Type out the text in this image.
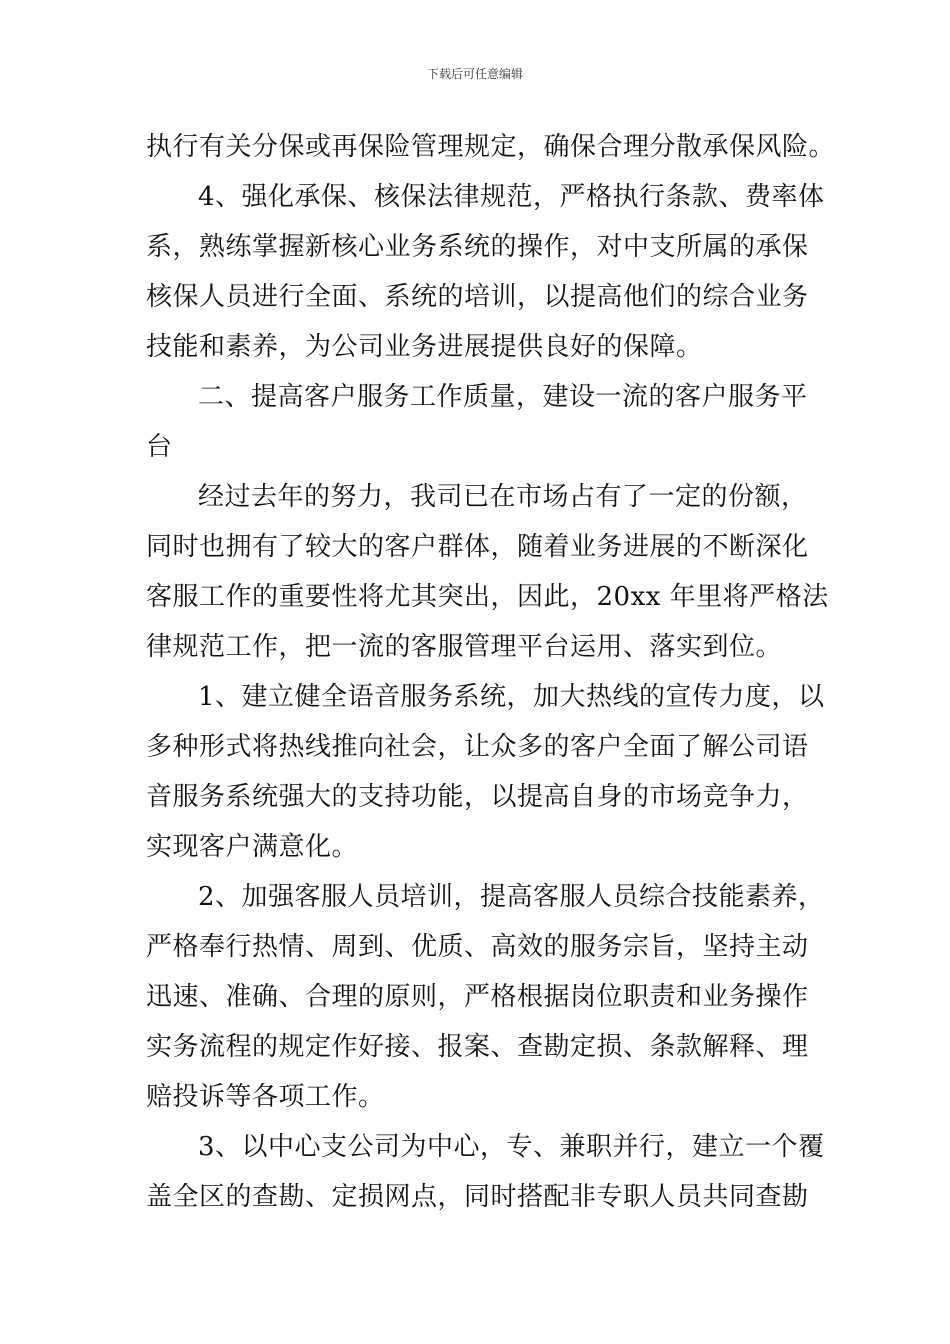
下载后可任意编辑
执行有关分保或再保险管理规定，确保合理分散承保风险。
4、强化承保、核保法律规范，严格执行条款、费率体
系，熟练掌握新核心业务系统的操作，对中支所属的承保
核保人员进行全面、系统的培训，以提高他们的综合业务
技能和素养，为公司业务进展提供良好的保障。
二、提高客户服务工作质量，建设一流的客户服务平
台
经过去年的努力，我司已在市场占有了一定的份额，
同时也拥有了较大的客户群体，随着业务进展的不断深化
客服工作的重要性将尤其突出，因此，20xx 年里将严格法
律规范工作，把一流的客服管理平台运用、落实到位。
1、建立健全语音服务系统，加大热线的宣传力度，以
多种形式将热线推向社会，让众多的客户全面了解公司语
音服务系统强大的支持功能，以提高自身的市场竞争力，
实现客户满意化。
2、加强客服人员培训，提高客服人员综合技能素养，
严格奉行热情、周到、优质、高效的服务宗旨，坚持主动
迅速、准确、合理的原则，严格根据岗位职责和业务操作
实务流程的规定作好接、报案、查勘定损、条款解释、理
赔投诉等各项工作。
3、以中心支公司为中心，专、兼职并行，建立一个覆
盖全区的查勘、定损网点，同时搭配非专职人员共同查勘
